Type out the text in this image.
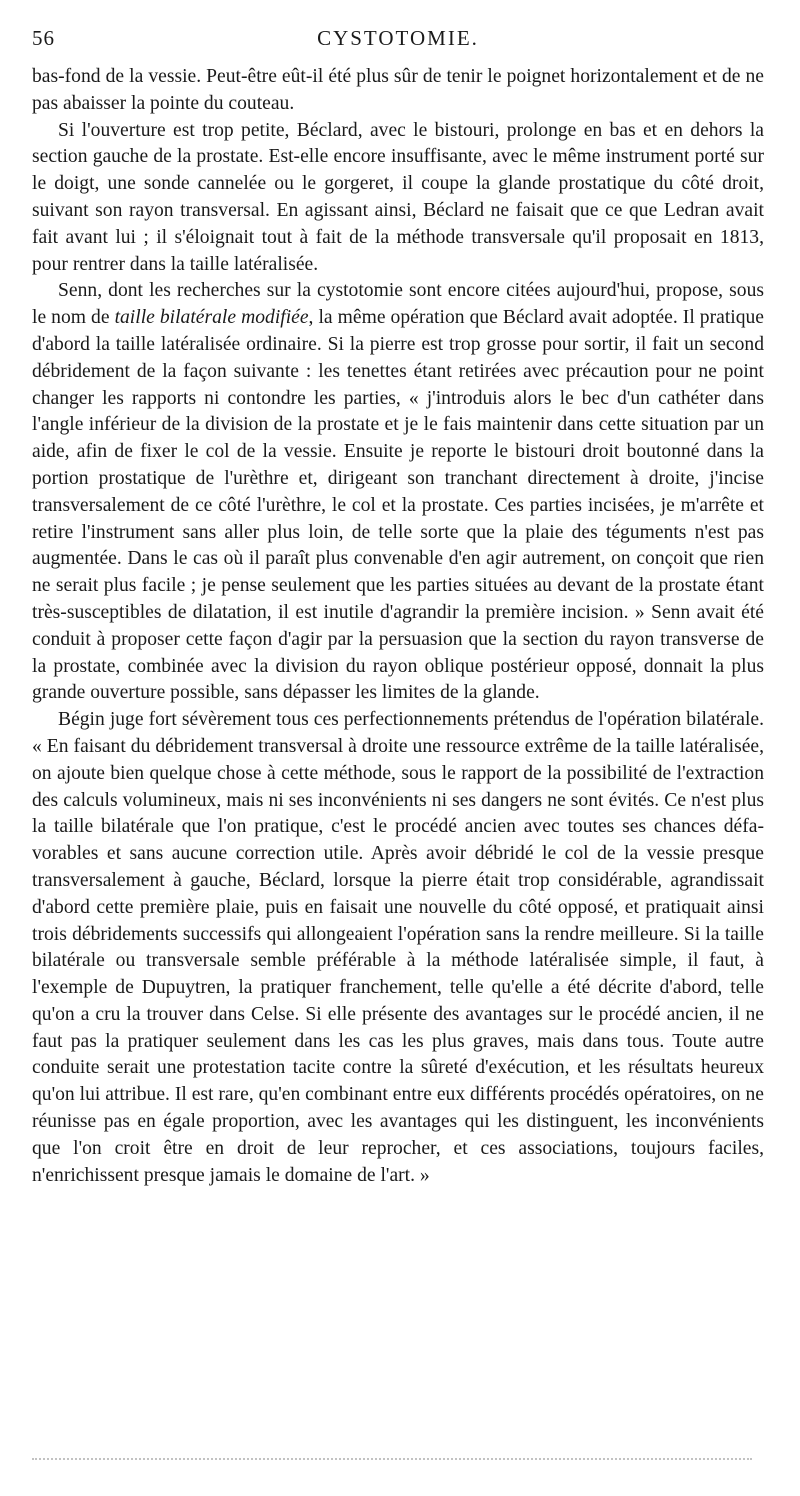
56	CYSTOTOMIE.

bas-fond de la vessie. Peut-être eût-il été plus sûr de tenir le poignet horizontalement et de ne pas abaisser la pointe du couteau.

Si l'ouverture est trop petite, Béclard, avec le bistouri, prolonge en bas et en dehors la section gauche de la prostate. Est-elle encore insuffisante, avec le même instrument porté sur le doigt, une sonde cannelée ou le gorgeret, il coupe la glande prostatique du côté droit, suivant son rayon transversal. En agissant ainsi, Béclard ne faisait que ce que Ledran avait fait avant lui ; il s'éloignait tout à fait de la méthode transversale qu'il proposait en 1813, pour rentrer dans la taille latéralisée.

Senn, dont les recherches sur la cystotomie sont encore citées aujourd'hui, propose, sous le nom de taille bilatérale modifiée, la même opération que Béclard avait adoptée. Il pratique d'abord la taille latéralisée ordinaire. Si la pierre est trop grosse pour sortir, il fait un second débridement de la façon suivante : les tenettes étant retirées avec précaution pour ne point changer les rapports ni contondre les parties, « j'introduis alors le bec d'un cathéter dans l'angle inférieur de la division de la prostate et je le fais maintenir dans cette situation par un aide, afin de fixer le col de la vessie. Ensuite je reporte le bistouri droit boutonné dans la portion prostatique de l'urèthre et, dirigeant son tranchant directement à droite, j'incise transversalement de ce côté l'urèthre, le col et la prostate. Ces parties incisées, je m'arrête et retire l'instrument sans aller plus loin, de telle sorte que la plaie des téguments n'est pas augmentée. Dans le cas où il paraît plus convenable d'en agir autrement, on conçoit que rien ne serait plus facile ; je pense seulement que les parties situées au devant de la prostate étant très-susceptibles de dilatation, il est inutile d'agrandir la première incision. » Senn avait été conduit à proposer cette façon d'agir par la persuasion que la section du rayon transverse de la prostate, combinée avec la division du rayon oblique postérieur opposé, donnait la plus grande ouverture possible, sans dépasser les limites de la glande.

Bégin juge fort sévèrement tous ces perfectionnements prétendus de l'opération bilatérale. « En faisant du débridement transversal à droite une ressource extrême de la taille latéralisée, on ajoute bien quelque chose à cette méthode, sous le rapport de la possibilité de l'extraction des calculs volumineux, mais ni ses inconvénients ni ses dangers ne sont évités. Ce n'est plus la taille bilatérale que l'on pratique, c'est le procédé ancien avec toutes ses chances défavorables et sans aucune correction utile. Après avoir débridé le col de la vessie presque transversalement à gauche, Béclard, lorsque la pierre était trop considérable, agrandissait d'abord cette première plaie, puis en faisait une nouvelle du côté opposé, et pratiquait ainsi trois débridements successifs qui allongeaient l'opération sans la rendre meilleure. Si la taille bilatérale ou transversale semble préférable à la méthode latéralisée simple, il faut, à l'exemple de Dupuytren, la pratiquer franchement, telle qu'elle a été décrite d'abord, telle qu'on a cru la trouver dans Celse. Si elle présente des avantages sur le procédé ancien, il ne faut pas la pratiquer seulement dans les cas les plus graves, mais dans tous. Toute autre conduite serait une protestation tacite contre la sûreté d'exécution, et les résultats heureux qu'on lui attribue. Il est rare, qu'en combinant entre eux différents procédés opératoires, on ne réunisse pas en égale proportion, avec les avantages qui les distinguent, les inconvénients que l'on croit être en droit de leur reprocher, et ces associations, toujours faciles, n'enrichissent presque jamais le domaine de l'art. »
